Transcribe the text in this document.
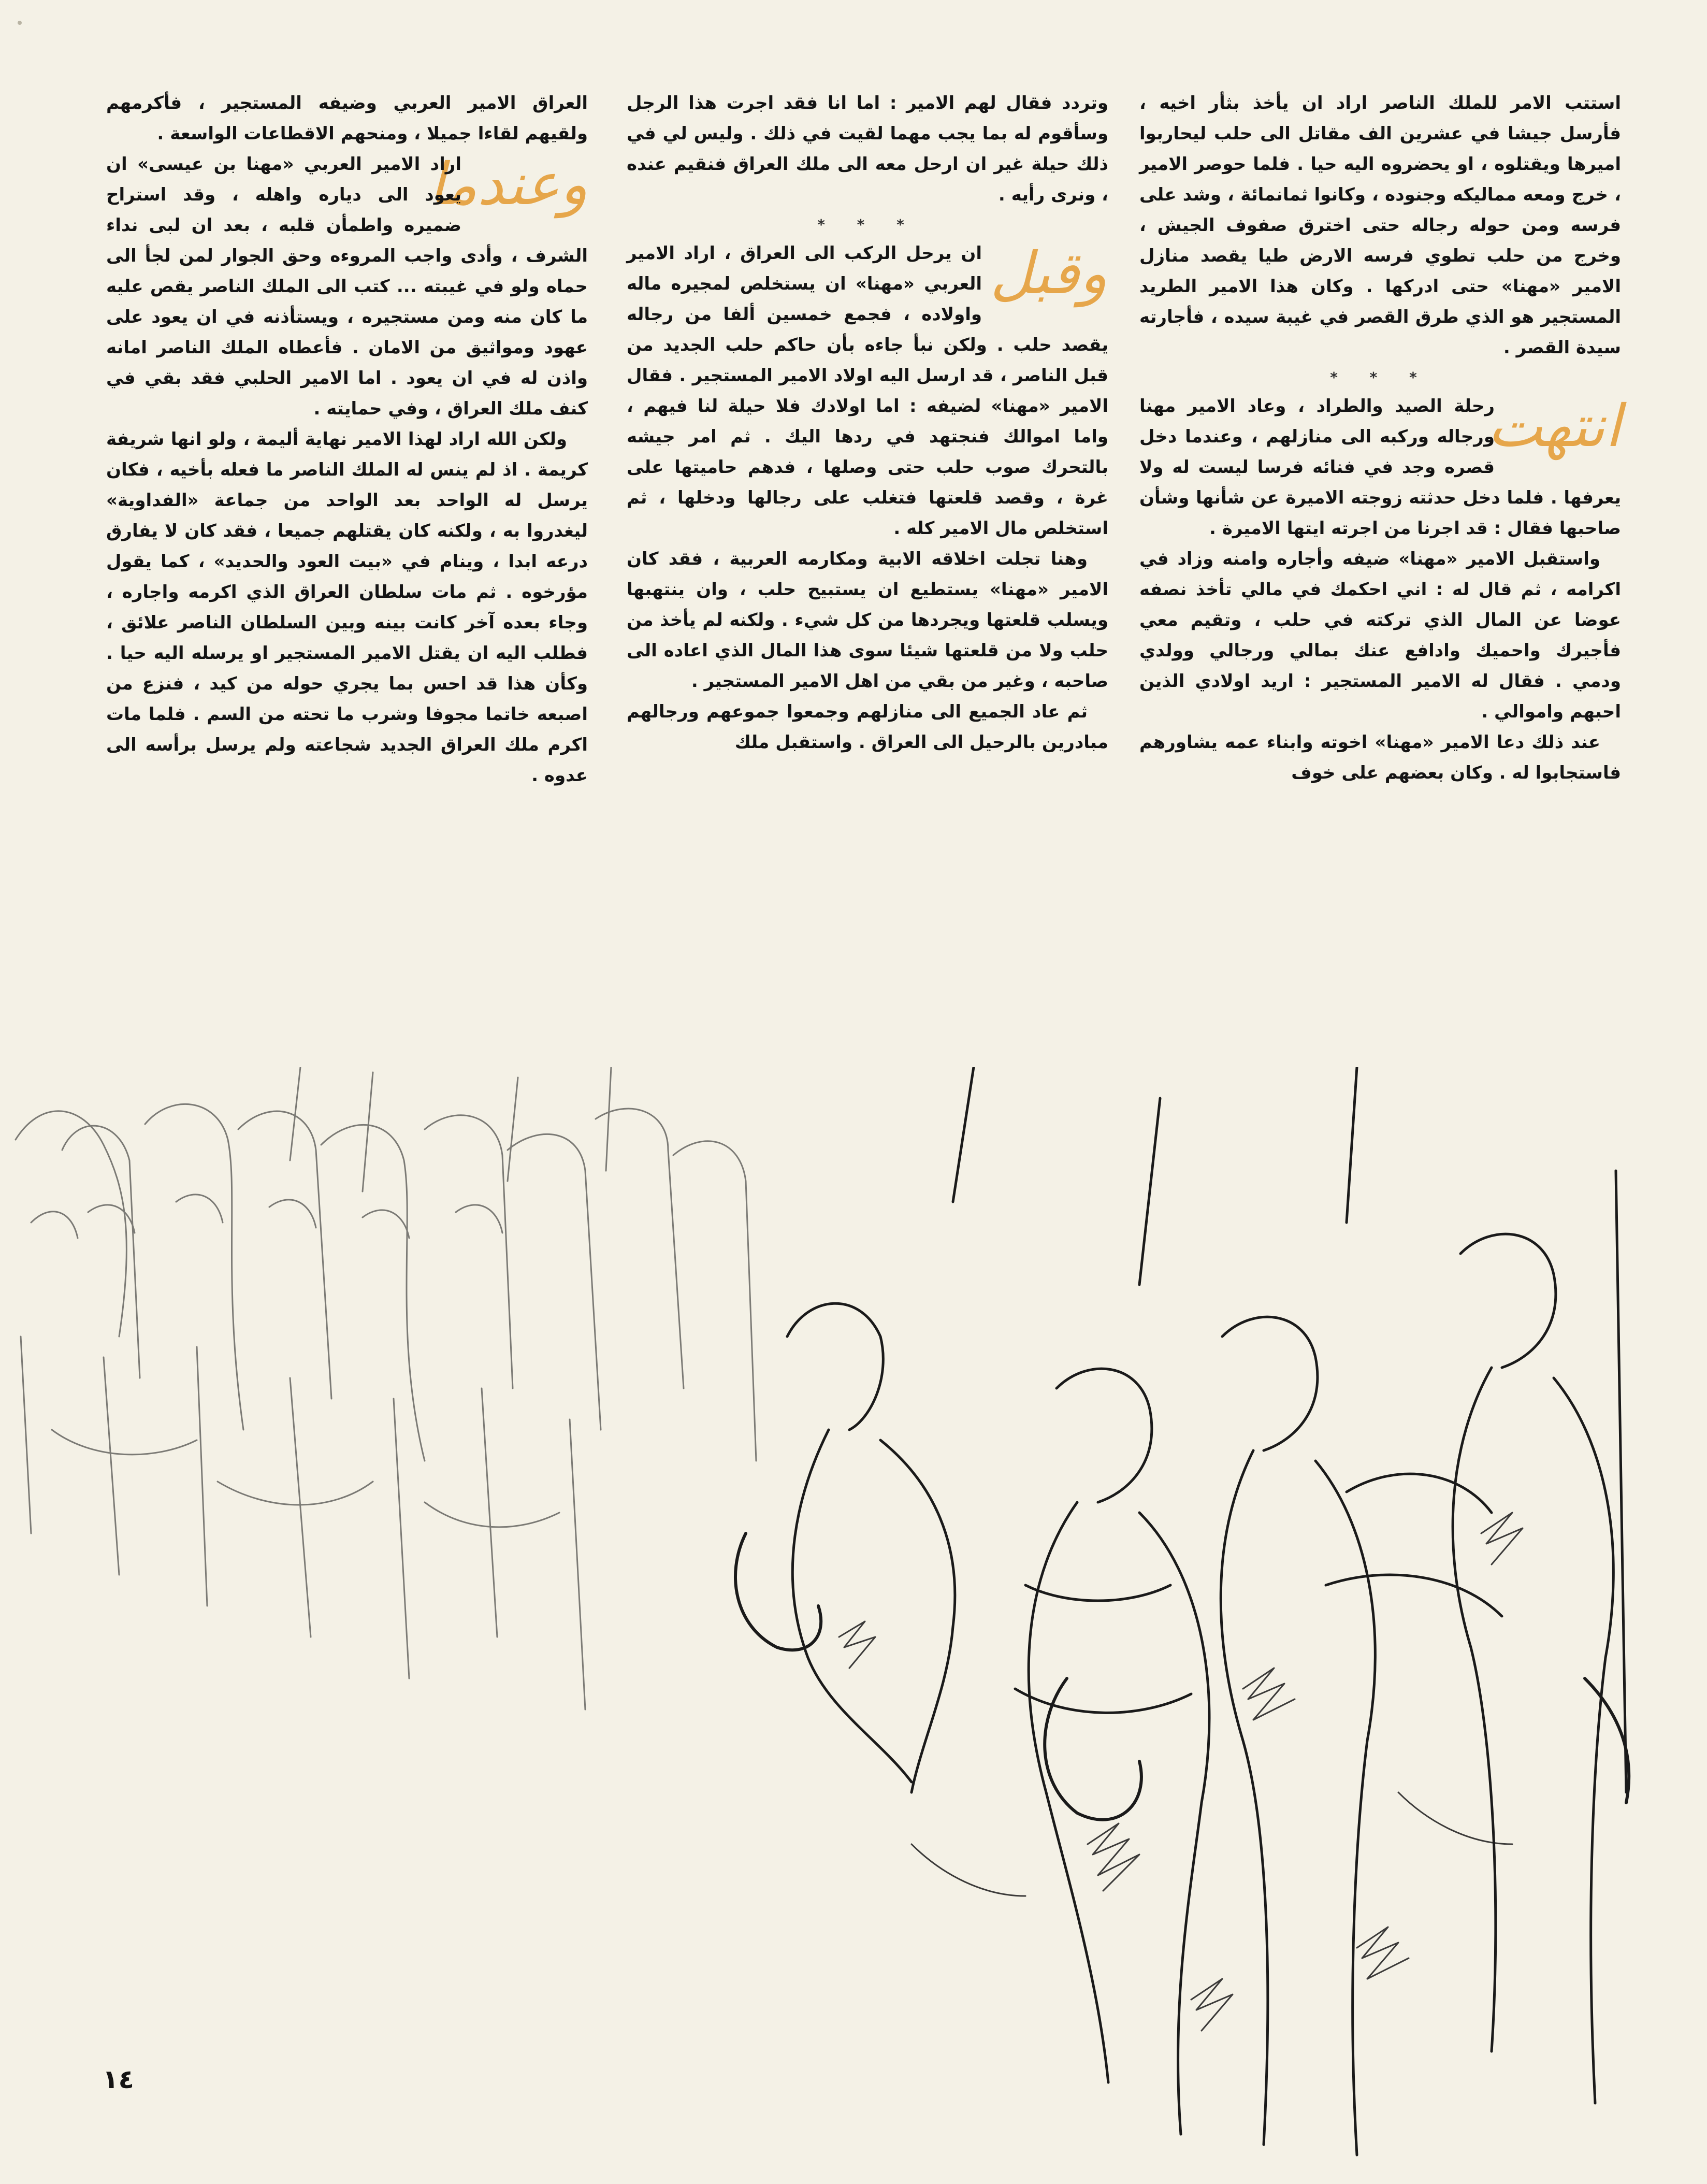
استتب الامر للملك الناصر اراد ان يأخذ بثأر اخيه ، فأرسل جيشا في عشرين الف مقاتل الى حلب ليحاربوا اميرها ويقتلوه ، او يحضروه اليه حيا . فلما حوصر الامير ، خرج ومعه مماليكه وجنوده ، وكانوا ثمانمائة ، وشد على فرسه ومن حوله رجاله حتى اخترق صفوف الجيش ، وخرج من حلب تطوي فرسه الارض طيا يقصد منازل الامير «مهنا» حتى ادركها . وكان هذا الامير الطريد المستجير هو الذي طرق القصر في غيبة سيده ، فأجارته سيدة القصر .

* * *
انتهت

رحلة الصيد والطراد ، وعاد الامير مهنا ورجاله وركبه الى منازلهم ، وعندما دخل قصره وجد في فنائه فرسا ليست له ولا يعرفها . فلما دخل حدثته زوجته الاميرة عن شأنها وشأن صاحبها فقال : قد اجرنا من اجرته ايتها الاميرة .

واستقبل الامير «مهنا» ضيفه وأجاره وامنه وزاد في اكرامه ، ثم قال له : اني احكمك في مالي تأخذ نصفه عوضا عن المال الذي تركته في حلب ، وتقيم معي فأجيرك واحميك وادافع عنك بمالي ورجالي وولدي ودمي . فقال له الامير المستجير : اريد اولادي الذين احبهم واموالي .

عند ذلك دعا الامير «مهنا» اخوته وابناء عمه يشاورهم فاستجابوا له . وكان بعضهم على خوف

وتردد فقال لهم الامير : اما انا فقد اجرت هذا الرجل وسأقوم له بما يجب مهما لقيت في ذلك . وليس لي في ذلك حيلة غير ان ارحل معه الى ملك العراق فنقيم عنده ، ونرى رأيه .

* * *
وقبل

ان يرحل الركب الى العراق ، اراد الامير العربي «مهنا» ان يستخلص لمجيره ماله واولاده ، فجمع خمسين ألفا من رجاله يقصد حلب . ولكن نبأ جاءه بأن حاكم حلب الجديد من قبل الناصر ، قد ارسل اليه اولاد الامير المستجير . فقال الامير «مهنا» لضيفه : اما اولادك فلا حيلة لنا فيهم ، واما اموالك فنجتهد في ردها اليك . ثم امر جيشه بالتحرك صوب حلب حتى وصلها ، فدهم حاميتها على غرة ، وقصد قلعتها فتغلب على رجالها ودخلها ، ثم استخلص مال الامير كله .

وهنا تجلت اخلاقه الابية ومكارمه العربية ، فقد كان الامير «مهنا» يستطيع ان يستبيح حلب ، وان ينتهبها ويسلب قلعتها ويجردها من كل شيء . ولكنه لم يأخذ من حلب ولا من قلعتها شيئا سوى هذا المال الذي اعاده الى صاحبه ، وغير من بقي من اهل الامير المستجير .

ثم عاد الجميع الى منازلهم وجمعوا جموعهم ورجالهم مبادرين بالرحيل الى العراق . واستقبل ملك

العراق الامير العربي وضيفه المستجير ، فأكرمهم ولقيهم لقاءا جميلا ، ومنحهم الاقطاعات الواسعة .

وعندما

اراد الامير العربي «مهنا بن عيسى» ان يعود الى دياره واهله ، وقد استراح ضميره واطمأن قلبه ، بعد ان لبى نداء الشرف ، وأدى واجب المروءه وحق الجوار لمن لجأ الى حماه ولو في غيبته ... كتب الى الملك الناصر يقص عليه ما كان منه ومن مستجيره ، ويستأذنه في ان يعود على عهود ومواثيق من الامان . فأعطاه الملك الناصر امانه واذن له في ان يعود . اما الامير الحلبي فقد بقي في كنف ملك العراق ، وفي حمايته .

ولكن الله اراد لهذا الامير نهاية أليمة ، ولو انها شريفة كريمة . اذ لم ينس له الملك الناصر ما فعله بأخيه ، فكان يرسل له الواحد بعد الواحد من جماعة «الفداوية» ليغدروا به ، ولكنه كان يقتلهم جميعا ، فقد كان لا يفارق درعه ابدا ، وينام في «بيت العود والحديد» ، كما يقول مؤرخوه . ثم مات سلطان العراق الذي اكرمه واجاره ، وجاء بعده آخر كانت بينه وبين السلطان الناصر علائق ، فطلب اليه ان يقتل الامير المستجير او يرسله اليه حيا . وكأن هذا قد احس بما يجري حوله من كيد ، فنزع من اصبعه خاتما مجوفا وشرب ما تحته من السم . فلما مات اكرم ملك العراق الجديد شجاعته ولم يرسل برأسه الى عدوه .

١٤
